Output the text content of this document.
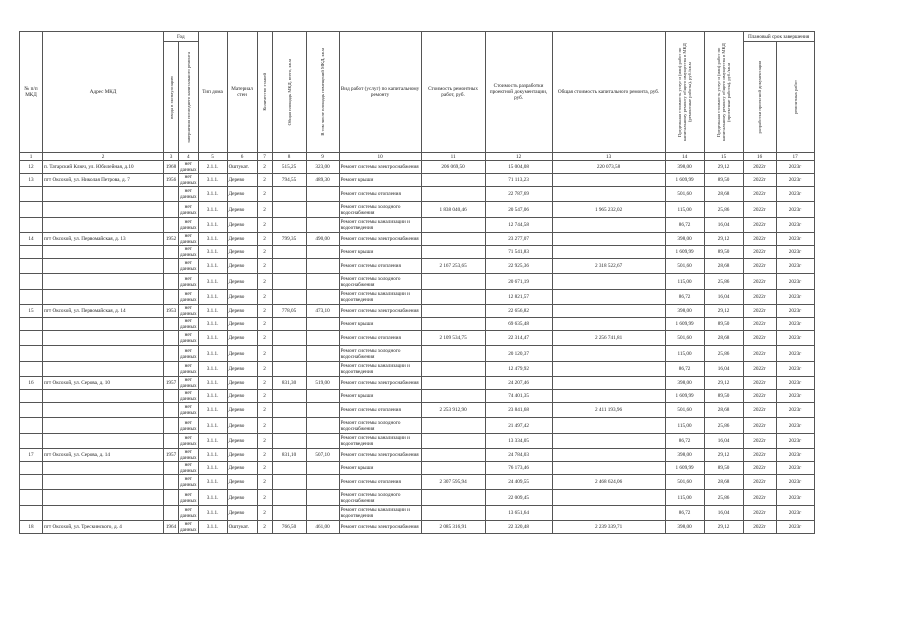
№ п/п МКД	Адрес МКД	Год		Тип дома	Материал стен	Количество этажей	Общая площадь МКД, всего, кв.м	В том числе площадь помещений МКД, кв.м	Вид работ (услуг) по капитальному ремонту	Стоимость ремонтных работ, руб.	Стоимость разработки проектной документации, руб.	Общая стоимость капитального ремонта, руб.	Предельная стоимость услуг и (или) работ по капитальному ремонту общего имущества в МКД (ремонтные работы), руб./кв.м	Предельная стоимость услуг и (или) работ по капитальному ремонту общего имущества в МКД (проектные работы), руб./кв.м	Плановый срок завершения	

		ввода в эксплуатацию	завершения последнего капитального ремонта												разработки проектной документации	ремонтных работ

1	2	3	4	5	6	7	8	9	10	11	12	13	14	15	16	17
12	п. Татарский Ключ, ул. Юбилейная, д.10	1968	нет данных	2.1.1.	Оштукат.	2	515,25	323,00	Ремонт системы электроснабжения	206 069,50	15 004,08	220 073,58	398,00	29,12	2022г	2023г
13	пгт Оксохой, ул. Николая Петрова, д. 7	1956	нет данных	3.1.1.	Дерево	2	794,55	489,30	Ремонт крыши		71 113,23		1 609,99	89,50	2022г	2023г
			нет данных	3.1.1.	Дерево	2			Ремонт системы отопления		22 787,69		501,60	28,68	2022г	2023г
			нет данных	3.1.1.	Дерево	2			Ремонт системы холодного водоснабжения	1 838 040,46	20 547,06	1 965 232,02	115,00	25,86	2022г	2023г
			нет данных	3.1.1.	Дерево	2			Ремонт системы канализации и водоотведения		12 744,58		86,72	16,04	2022г	2023г
14	пгт Оксохой, ул. Первомайская, д. 13	1952	нет данных	3.1.1.	Дерево	2	799,35	490,00	Ремонт системы электроснабжения		23 277,07		398,00	29,12	2022г	2023г
			нет данных	3.1.1.	Дерево	2			Ремонт крыши		71 541,83		1 609,99	89,50	2022г	2023г
			нет данных	3.1.1.	Дерево	2			Ремонт системы отопления	2 167 253,65	22 925,36	2 318 522,67	501,60	28,68	2022г	2023г
			нет данных	3.1.1.	Дерево	2			Ремонт системы холодного водоснабжения		20 671,19		115,00	25,86	2022г	2023г
			нет данных	3.1.1.	Дерево	2			Ремонт системы канализации и водоотведения		12 821,57		86,72	16,04	2022г	2023г
15	пгт Оксохой, ул. Первомайская, д. 14	1953	нет данных	3.1.1.	Дерево	2	778,05	473,10	Ремонт системы электроснабжения		22 656,82		398,00	29,12	2022г	2023г
			нет данных	3.1.1.	Дерево	2			Ремонт крыши		69 635,48		1 609,99	89,50	2022г	2023г
			нет данных	3.1.1.	Дерево	2			Ремонт системы отопления	2 109 534,75	22 314,47	2 256 741,81	501,60	28,68	2022г	2023г
			нет данных	3.1.1.	Дерево	2			Ремонт системы холодного водоснабжения		20 120,37		115,00	25,86	2022г	2023г
			нет данных	3.1.1.	Дерево	2			Ремонт системы канализации и водоотведения		12 479,92		86,72	16,04	2022г	2023г
16	пгт Оксохой, ул. Серова, д. 10	1957	нет данных	3.1.1.	Дерево	2	831,30	519,00	Ремонт системы электроснабжения		24 207,46		398,00	29,12	2022г	2023г
			нет данных	3.1.1.	Дерево	2			Ремонт крыши		74 401,35		1 609,99	89,50	2022г	2023г
			нет данных	3.1.1.	Дерево	2			Ремонт системы отопления	2 253 912,90	23 841,68	2 411 193,96	501,60	28,68	2022г	2023г
			нет данных	3.1.1.	Дерево	2			Ремонт системы холодного водоснабжения		21 497,42		115,00	25,86	2022г	2023г
			нет данных	3.1.1.	Дерево	2			Ремонт системы канализации и водоотведения		13 334,05		86,72	16,04	2022г	2023г
17	пгт Оксохой, ул. Серова, д. 14	1957	нет данных	3.1.1.	Дерево	2	831,10	507,10	Ремонт системы электроснабжения		24 784,03		398,00	29,12	2022г	2023г
			нет данных	3.1.1.	Дерево	2			Ремонт крыши		76 173,46		1 609,99	89,50	2022г	2023г
			нет данных	3.1.1.	Дерево	2			Ремонт системы отопления	2 307 595,94	24 409,55	2 468 624,06	501,60	28,68	2022г	2023г
			нет данных	3.1.1.	Дерево	2			Ремонт системы холодного водоснабжения		22 009,45		115,00	25,86	2022г	2023г
			нет данных	3.1.1.	Дерево	2			Ремонт системы канализации и водоотведения		13 651,64		86,72	16,04	2022г	2023г
18	пгт Оксохой, ул. Трескинского, д. 4	1964	нет данных	3.1.1.	Оштукат.	2	766,50	461,00	Ремонт системы электроснабжения	2 085 316,91	22 320,48	2 239 339,71	398,00	29,12	2022г	2023г
